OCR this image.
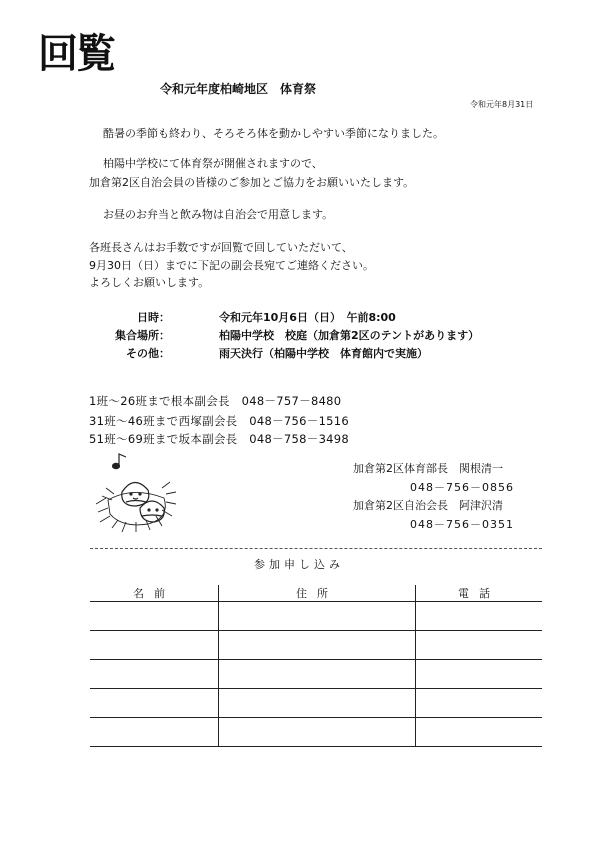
回覧
令和元年度柏崎地区　体育祭
令和元年8月31日
酷暑の季節も終わり、そろそろ体を動かしやすい季節になりました。
柏陽中学校にて体育祭が開催されますので、
加倉第2区自治会員の皆様のご参加とご協力をお願いいたします。
お昼のお弁当と飲み物は自治会で用意します。
各班長さんはお手数ですが回覧で回していただいて、
9月30日（日）までに下記の副会長宛てご連絡ください。
よろしくお願いします。
日時：	令和元年10月6日（日）　午前8:00
集合場所：	柏陽中学校　校庭（加倉第2区のテントがあります）
その他：	雨天決行（柏陽中学校　体育館内で実施）
1班～26班まで根本副会長　048－757－8480
31班～46班まで西塚副会長　048－756－1516
51班～69班まで坂本副会長　048－758－3498
加倉第2区体育部長　関根清一
048－756－0856
加倉第2区自治会長　阿津沢清
048－756－0351
参加申し込み
名前	住所	電話
